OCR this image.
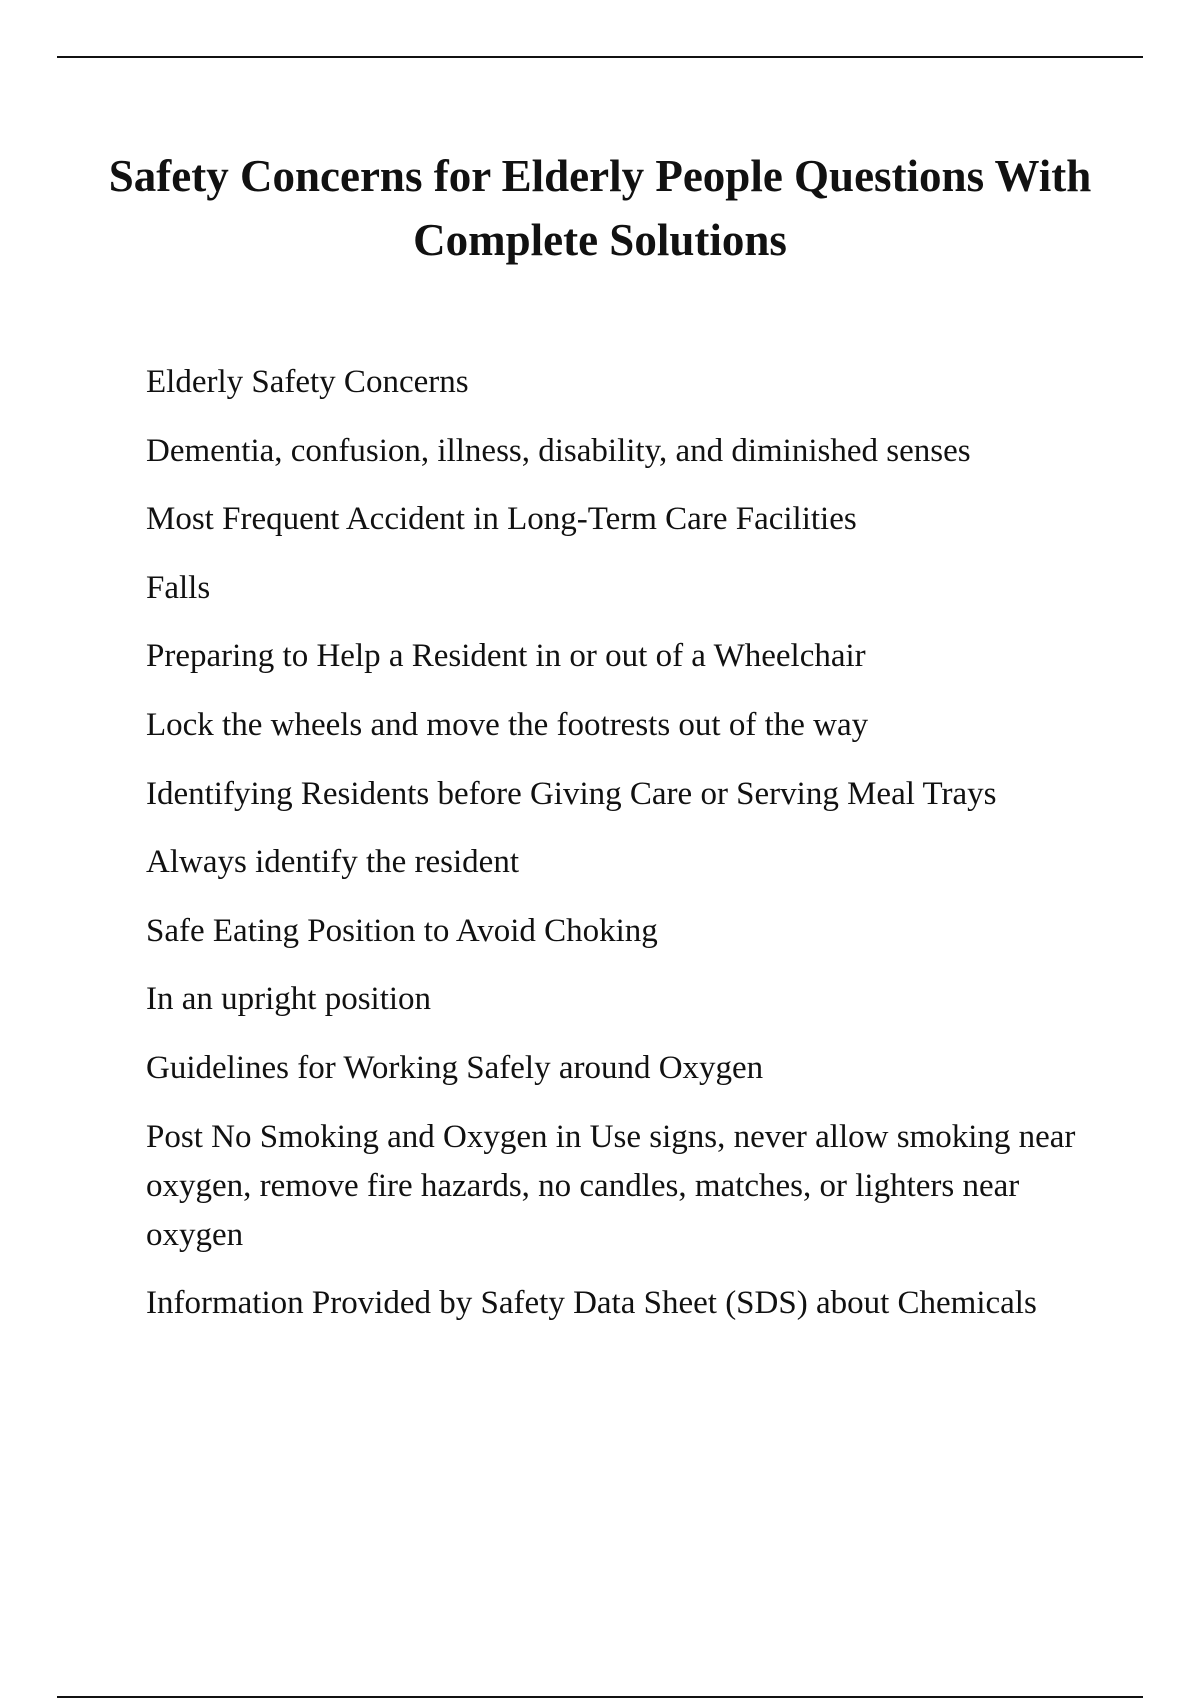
Safety Concerns for Elderly People Questions With Complete Solutions
Elderly Safety Concerns
Dementia, confusion, illness, disability, and diminished senses
Most Frequent Accident in Long-Term Care Facilities
Falls
Preparing to Help a Resident in or out of a Wheelchair
Lock the wheels and move the footrests out of the way
Identifying Residents before Giving Care or Serving Meal Trays
Always identify the resident
Safe Eating Position to Avoid Choking
In an upright position
Guidelines for Working Safely around Oxygen
Post No Smoking and Oxygen in Use signs, never allow smoking near oxygen, remove fire hazards, no candles, matches, or lighters near oxygen
Information Provided by Safety Data Sheet (SDS) about Chemicals
